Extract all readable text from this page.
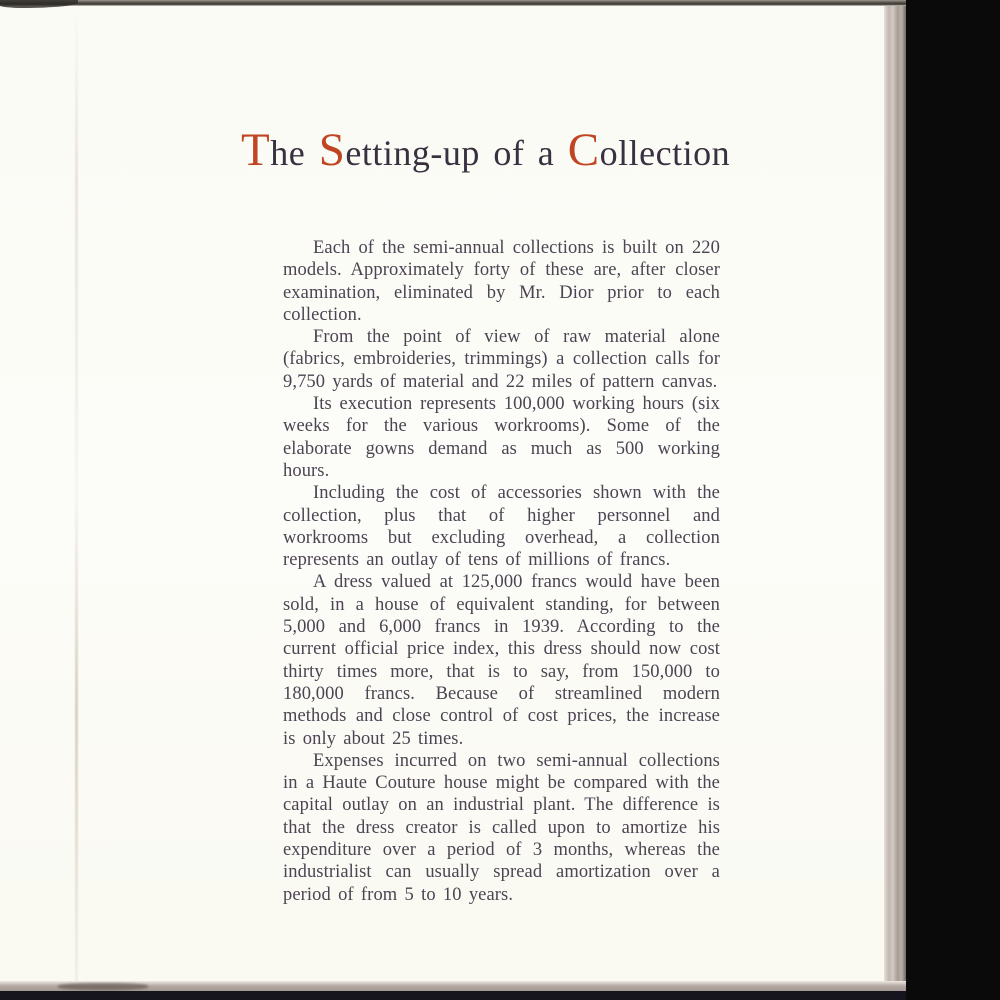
The Setting-up of a Collection

Each of the semi-annual collections is built on 220 models. Approximately forty of these are, after closer examination, eliminated by Mr. Dior prior to each collection.

From the point of view of raw material alone (fabrics, embroideries, trimmings) a collection calls for 9,750 yards of material and 22 miles of pattern canvas.

Its execution represents 100,000 working hours (six weeks for the various workrooms). Some of the elaborate gowns demand as much as 500 working hours.

Including the cost of accessories shown with the collection, plus that of higher personnel and workrooms but excluding overhead, a collection represents an outlay of tens of millions of francs.

A dress valued at 125,000 francs would have been sold, in a house of equivalent standing, for between 5,000 and 6,000 francs in 1939. According to the current official price index, this dress should now cost thirty times more, that is to say, from 150,000 to 180,000 francs. Because of streamlined modern methods and close control of cost prices, the increase is only about 25 times.

Expenses incurred on two semi-annual collections in a Haute Couture house might be compared with the capital outlay on an industrial plant. The difference is that the dress creator is called upon to amortize his expenditure over a period of 3 months, whereas the industrialist can usually spread amortization over a period of from 5 to 10 years.
